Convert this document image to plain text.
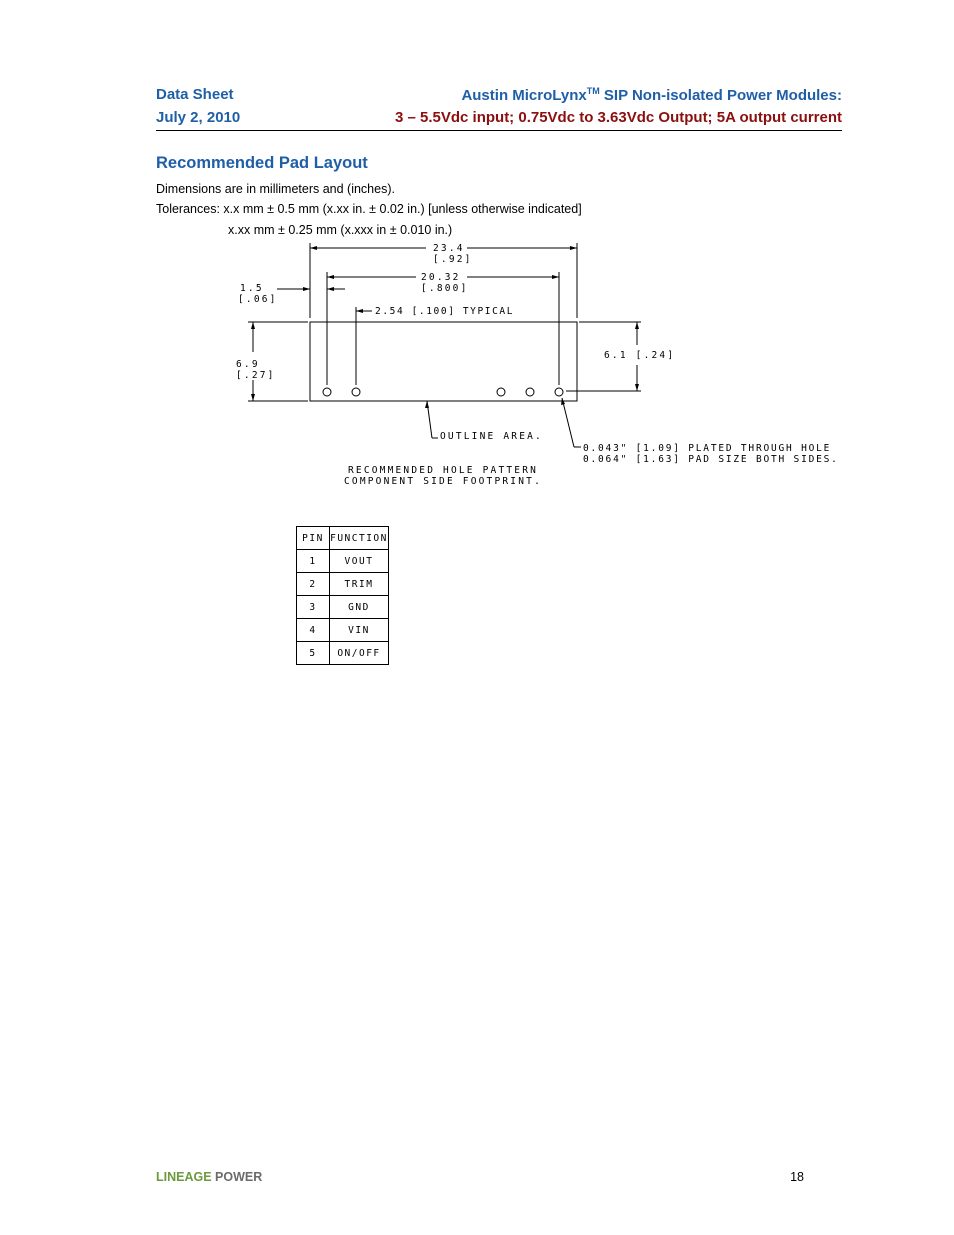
Data Sheet
July 2, 2010
Austin MicroLynx™ SIP Non-isolated Power Modules:
3 – 5.5Vdc input; 0.75Vdc to 3.63Vdc Output; 5A output current
Recommended Pad Layout
Dimensions are in millimeters and (inches).
Tolerances: x.x mm ± 0.5 mm (x.xx in. ± 0.02 in.) [unless otherwise indicated]
x.xx mm ± 0.25 mm (x.xxx in ± 0.010 in.)
23.4
[.92]
20.32
[.800]
1.5
[.06]
2.54 [.100] TYPICAL
6.9
[.27]
6.1 [.24]
OUTLINE AREA.
0.043" [1.09] PLATED THROUGH HOLE
0.064" [1.63] PAD SIZE BOTH SIDES.
RECOMMENDED HOLE PATTERN
COMPONENT SIDE FOOTPRINT.
PIN	FUNCTION
1	VOUT
2	TRIM
3	GND
4	VIN
5	ON/OFF
LINEAGE POWER	18
